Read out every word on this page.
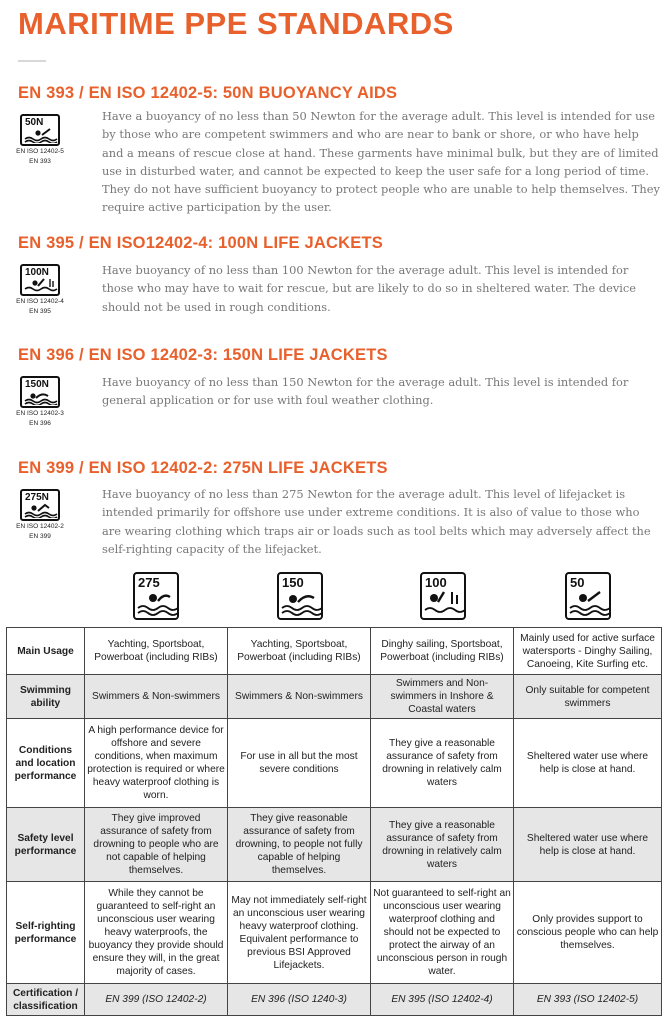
MARITIME PPE STANDARDS
EN 393 / EN ISO 12402-5: 50N BUOYANCY AIDS
50N
EN ISO 12402-5
EN 393
Have a buoyancy of no less than 50 Newton for the average adult. This level is intended for use by those who are competent swimmers and who are near to bank or shore, or who have help and a means of rescue close at hand. These garments have minimal bulk, but they are of limited use in disturbed water, and cannot be expected to keep the user safe for a long period of time. They do not have sufficient buoyancy to protect people who are unable to help themselves. They require active participation by the user.
EN 395 / EN ISO12402-4: 100N LIFE JACKETS
100N
EN ISO 12402-4
EN 395
Have buoyancy of no less than 100 Newton for the average adult. This level is intended for those who may have to wait for rescue, but are likely to do so in sheltered water. The device should not be used in rough conditions.
EN 396 / EN ISO 12402-3: 150N LIFE JACKETS
150N
EN ISO 12402-3
EN 396
Have buoyancy of no less than 150 Newton for the average adult. This level is intended for general application or for use with foul weather clothing.
EN 399 / EN ISO 12402-2: 275N LIFE JACKETS
275N
EN ISO 12402-2
EN 399
Have buoyancy of no less than 275 Newton for the average adult. This level of lifejacket is intended primarily for offshore use under extreme conditions. It is also of value to those who are wearing clothing which traps air or loads such as tool belts which may adversely affect the self-righting capacity of the lifejacket.
275	150	100	50
Main Usage	Yachting, Sportsboat, Powerboat (including RIBs)	Yachting, Sportsboat, Powerboat (including RIBs)	Dinghy sailing, Sportsboat, Powerboat (including RIBs)	Mainly used for active surface watersports - Dinghy Sailing, Canoeing, Kite Surfing etc.
Swimming ability	Swimmers & Non-swimmers	Swimmers & Non-swimmers	Swimmers and Non-swimmers in Inshore & Coastal waters	Only suitable for competent swimmers
Conditions and location performance	A high performance device for offshore and severe conditions, when maximum protection is required or where heavy waterproof clothing is worn.	For use in all but the most severe conditions	They give a reasonable assurance of safety from drowning in relatively calm waters	Sheltered water use where help is close at hand.
Safety level performance	They give improved assurance of safety from drowning to people who are not capable of helping themselves.	They give reasonable assurance of safety from drowning, to people not fully capable of helping themselves.	They give a reasonable assurance of safety from drowning in relatively calm waters	Sheltered water use where help is close at hand.
Self-righting performance	While they cannot be guaranteed to self-right an unconscious user wearing heavy waterproofs, the buoyancy they provide should ensure they will, in the great majority of cases.	May not immediately self-right an unconscious user wearing heavy waterproof clothing. Equivalent performance to previous BSI Approved Lifejackets.	Not guaranteed to self-right an unconscious user wearing waterproof clothing and should not be expected to protect the airway of an unconscious person in rough water.	Only provides support to conscious people who can help themselves.
Certification / classification	EN 399 (ISO 12402-2)	EN 396 (ISO 1240-3)	EN 395 (ISO 12402-4)	EN 393 (ISO 12402-5)
